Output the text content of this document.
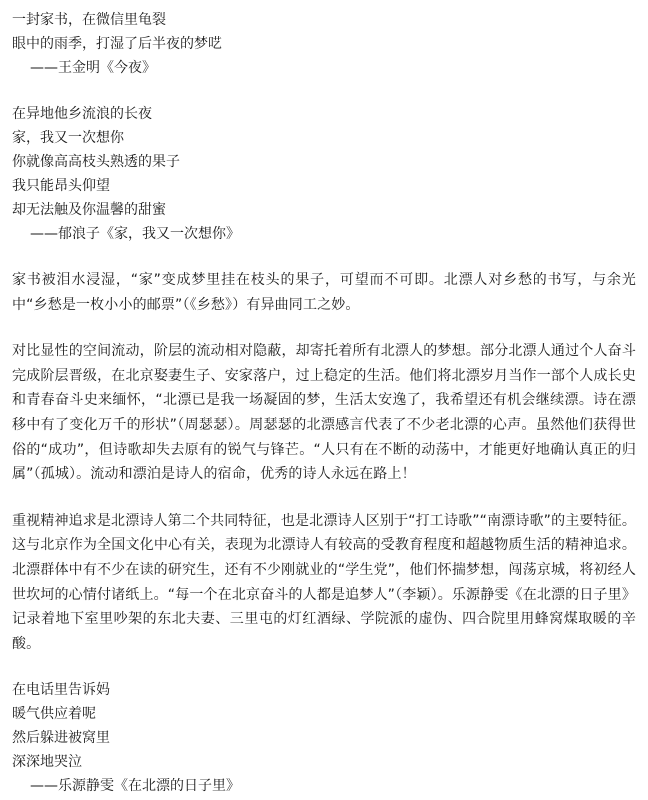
一封家书，在微信里龟裂
眼中的雨季，打湿了后半夜的梦呓
——王金明《今夜》
在异地他乡流浪的长夜
家，我又一次想你
你就像高高枝头熟透的果子
我只能昂头仰望
却无法触及你温馨的甜蜜
——郁浪子《家，我又一次想你》

家书被泪水浸湿，“家”变成梦里挂在枝头的果子，可望而不可即。北漂人对乡愁的书写，与余光中“乡愁是一枚小小的邮票”（《乡愁》）有异曲同工之妙。

对比显性的空间流动，阶层的流动相对隐蔽，却寄托着所有北漂人的梦想。部分北漂人通过个人奋斗完成阶层晋级，在北京娶妻生子、安家落户，过上稳定的生活。他们将北漂岁月当作一部个人成长史和青春奋斗史来缅怀，“北漂已是我一场凝固的梦，生活太安逸了，我希望还有机会继续漂。诗在漂移中有了变化万千的形状”（周瑟瑟）。周瑟瑟的北漂感言代表了不少老北漂的心声。虽然他们获得世俗的“成功”，但诗歌却失去原有的锐气与锋芒。“人只有在不断的动荡中，才能更好地确认真正的归属”（孤城）。流动和漂泊是诗人的宿命，优秀的诗人永远在路上！

重视精神追求是北漂诗人第二个共同特征，也是北漂诗人区别于“打工诗歌”“南漂诗歌”的主要特征。这与北京作为全国文化中心有关，表现为北漂诗人有较高的受教育程度和超越物质生活的精神追求。北漂群体中有不少在读的研究生，还有不少刚就业的“学生党”，他们怀揣梦想，闯荡京城，将初经人世坎坷的心情付诸纸上。“每一个在北京奋斗的人都是追梦人”（李颖）。乐源静雯《在北漂的日子里》记录着地下室里吵架的东北夫妻、三里屯的灯红酒绿、学院派的虚伪、四合院里用蜂窝煤取暖的辛酸。

在电话里告诉妈
暖气供应着呢
然后躲进被窝里
深深地哭泣
——乐源静雯《在北漂的日子里》
